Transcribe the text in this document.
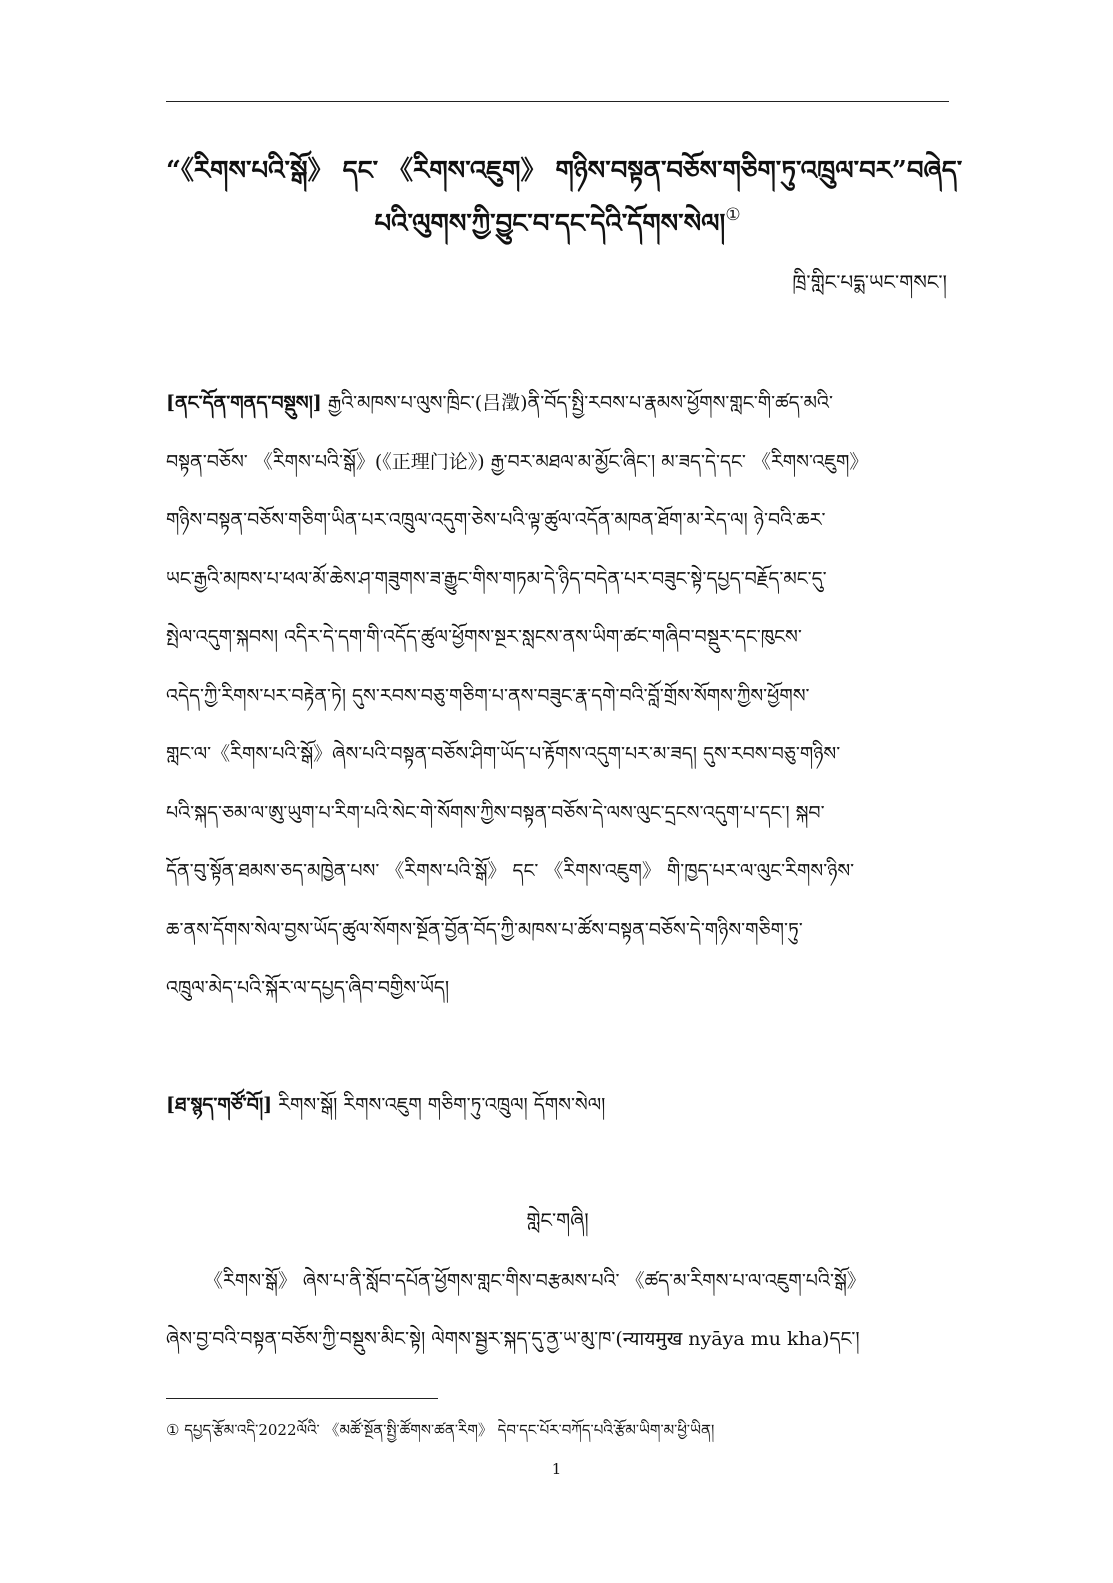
“《རིགས་པའི་སྒོ》 དང་ 《རིགས་འཇུག》 གཉིས་བསྟན་བཅོས་གཅིག་ཏུ་འཁྲུལ་བར”བཞེད་
པའི་ལུགས་ཀྱི་བྱུང་བ་དང་དེའི་དོགས་སེལ།①
ཁྲི་གླིང་པདྨ་ཡང་གསང་།
[ནང་དོན་གནད་བསྡུས།] རྒྱའི་མཁས་པ་ལུས་ཁྲིང་(吕澂)ནི་བོད་སྤྱི་རབས་པ་རྣམས་ཕྱོགས་གླང་གི་ཚད་མའི་
བསྟན་བཅོས་ 《རིགས་པའི་སྒོ》(《正理门论》) རྒྱ་བར་མཐལ་མ་མྱོང་ཞིང་། མ་ཟད་དེ་དང་ 《རིགས་འཇུག》
གཉིས་བསྟན་བཅོས་གཅིག་ཡིན་པར་འཁྲུལ་འདུག་ཅེས་པའི་ལྟ་ཚུལ་འདོན་མཁན་ཐོག་མ་རེད་ལ། ཉེ་བའི་ཆར་
ཡང་རྒྱའི་མཁས་པ་ཕལ་མོ་ཆེས་ཤ་གཟུགས་ཟ་རྒྱུང་གིས་གཏམ་དེ་ཉིད་བདེན་པར་བཟུང་སྟེ་དཔྱད་བརྗོད་མང་དུ་
སྤེལ་འདུག་སྐབས། འདིར་དེ་དག་གི་འདོད་ཚུལ་ཕྱོགས་སྔར་སླངས་ནས་ཡིག་ཚང་གཞིབ་བསྡུར་དང་ཁུངས་
འདེད་ཀྱི་རིགས་པར་བརྟེན་ཏེ། དུས་རབས་བཅུ་གཅིག་པ་ནས་བཟུང་རྣ་དགེ་བའི་བློ་གྲོས་སོགས་ཀྱིས་ཕྱོགས་
གླང་ལ་《རིགས་པའི་སྒོ》ཞེས་པའི་བསྟན་བཅོས་ཤིག་ཡོད་པ་རྟོགས་འདུག་པར་མ་ཟད། དུས་རབས་བཅུ་གཉིས་
པའི་སྐད་ཅམ་ལ་ཨུ་ཡུག་པ་རིག་པའི་སེང་གེ་སོགས་ཀྱིས་བསྟན་བཅོས་དེ་ལས་ལུང་དྲངས་འདུག་པ་དང་། སྐབ་
དོན་བུ་སྟོན་ཐམས་ཅད་མཁྱེན་པས་ 《རིགས་པའི་སྒོ》 དང་ 《རིགས་འཇུག》 གི་ཁྱད་པར་ལ་ལུང་རིགས་ཉིས་
ཆ་ནས་དོགས་སེལ་བྱས་ཡོད་ཚུལ་སོགས་སྔོན་བྱོན་བོད་ཀྱི་མཁས་པ་ཚོས་བསྟན་བཅོས་དེ་གཉིས་གཅིག་ཏུ་
འཁྲུལ་མེད་པའི་སྐོར་ལ་དཔྱད་ཞིབ་བགྱིས་ཡོད།
[ཐ་སྙད་གཙོ་བོ།] རིགས་སྒོ། རིགས་འཇུག གཅིག་ཏུ་འཁྲུལ། དོགས་སེལ།
གླེང་གཞི།
《རིགས་སྒོ》 ཞེས་པ་ནི་སློབ་དཔོན་ཕྱོགས་གླང་གིས་བརྩམས་པའི་ 《ཚད་མ་རིགས་པ་ལ་འཇུག་པའི་སྒོ》
ཞེས་བྱ་བའི་བསྟན་བཅོས་ཀྱི་བསྡུས་མིང་སྟེ། ལེགས་སྦྱར་སྐད་དུ་ནྱ་ཡ་མུ་ཁ་(न्यायमुख nyāya mu kha)དང་།
① དཔྱད་རྩོམ་འདི་2022ལོའི་ 《མཚོ་སྔོན་སྤྱི་ཚོགས་ཚན་རིག》 དེབ་དང་པོར་བཀོད་པའི་རྩོམ་ཡིག་མ་ཕྱི་ཡིན།
1
